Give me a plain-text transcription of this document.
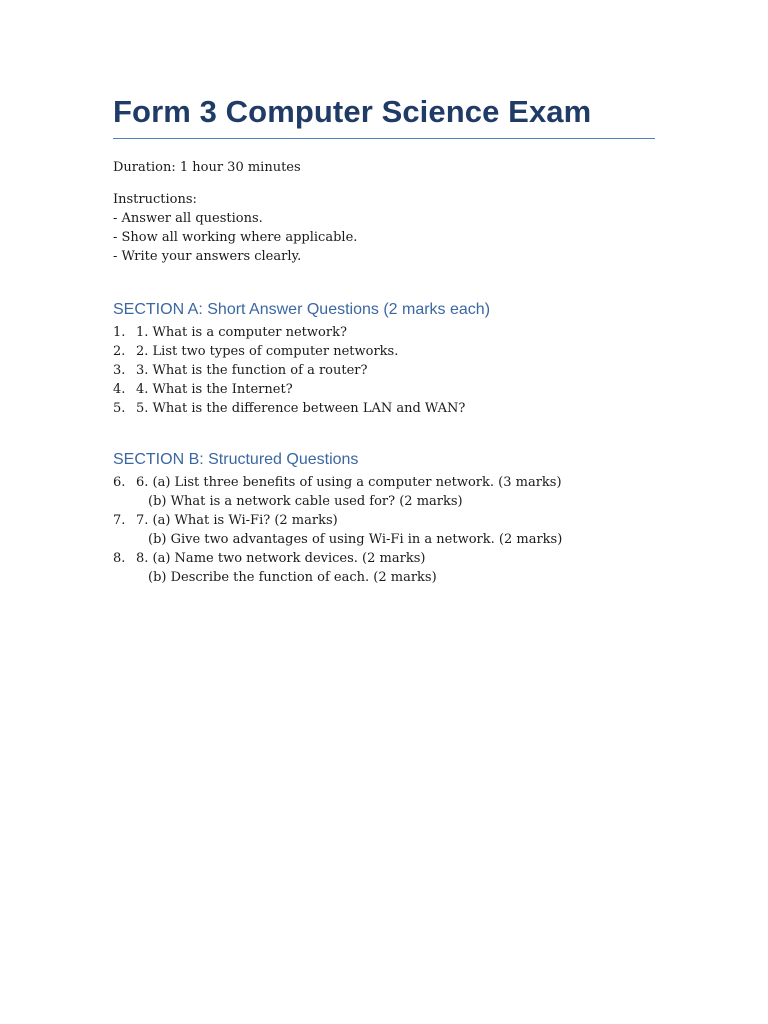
Form 3 Computer Science Exam

Duration: 1 hour 30 minutes

Instructions:

- Answer all questions.

- Show all working where applicable.

- Write your answers clearly.

SECTION A: Short Answer Questions (2 marks each)
1. 1. What is a computer network?
2. 2. List two types of computer networks.
3. 3. What is the function of a router?
4. 4. What is the Internet?
5. 5. What is the difference between LAN and WAN?
SECTION B: Structured Questions
6. 6. (a) List three benefits of using a computer network. (3 marks)
(b) What is a network cable used for? (2 marks)
7. 7. (a) What is Wi-Fi? (2 marks)
(b) Give two advantages of using Wi-Fi in a network. (2 marks)
8. 8. (a) Name two network devices. (2 marks)
(b) Describe the function of each. (2 marks)
